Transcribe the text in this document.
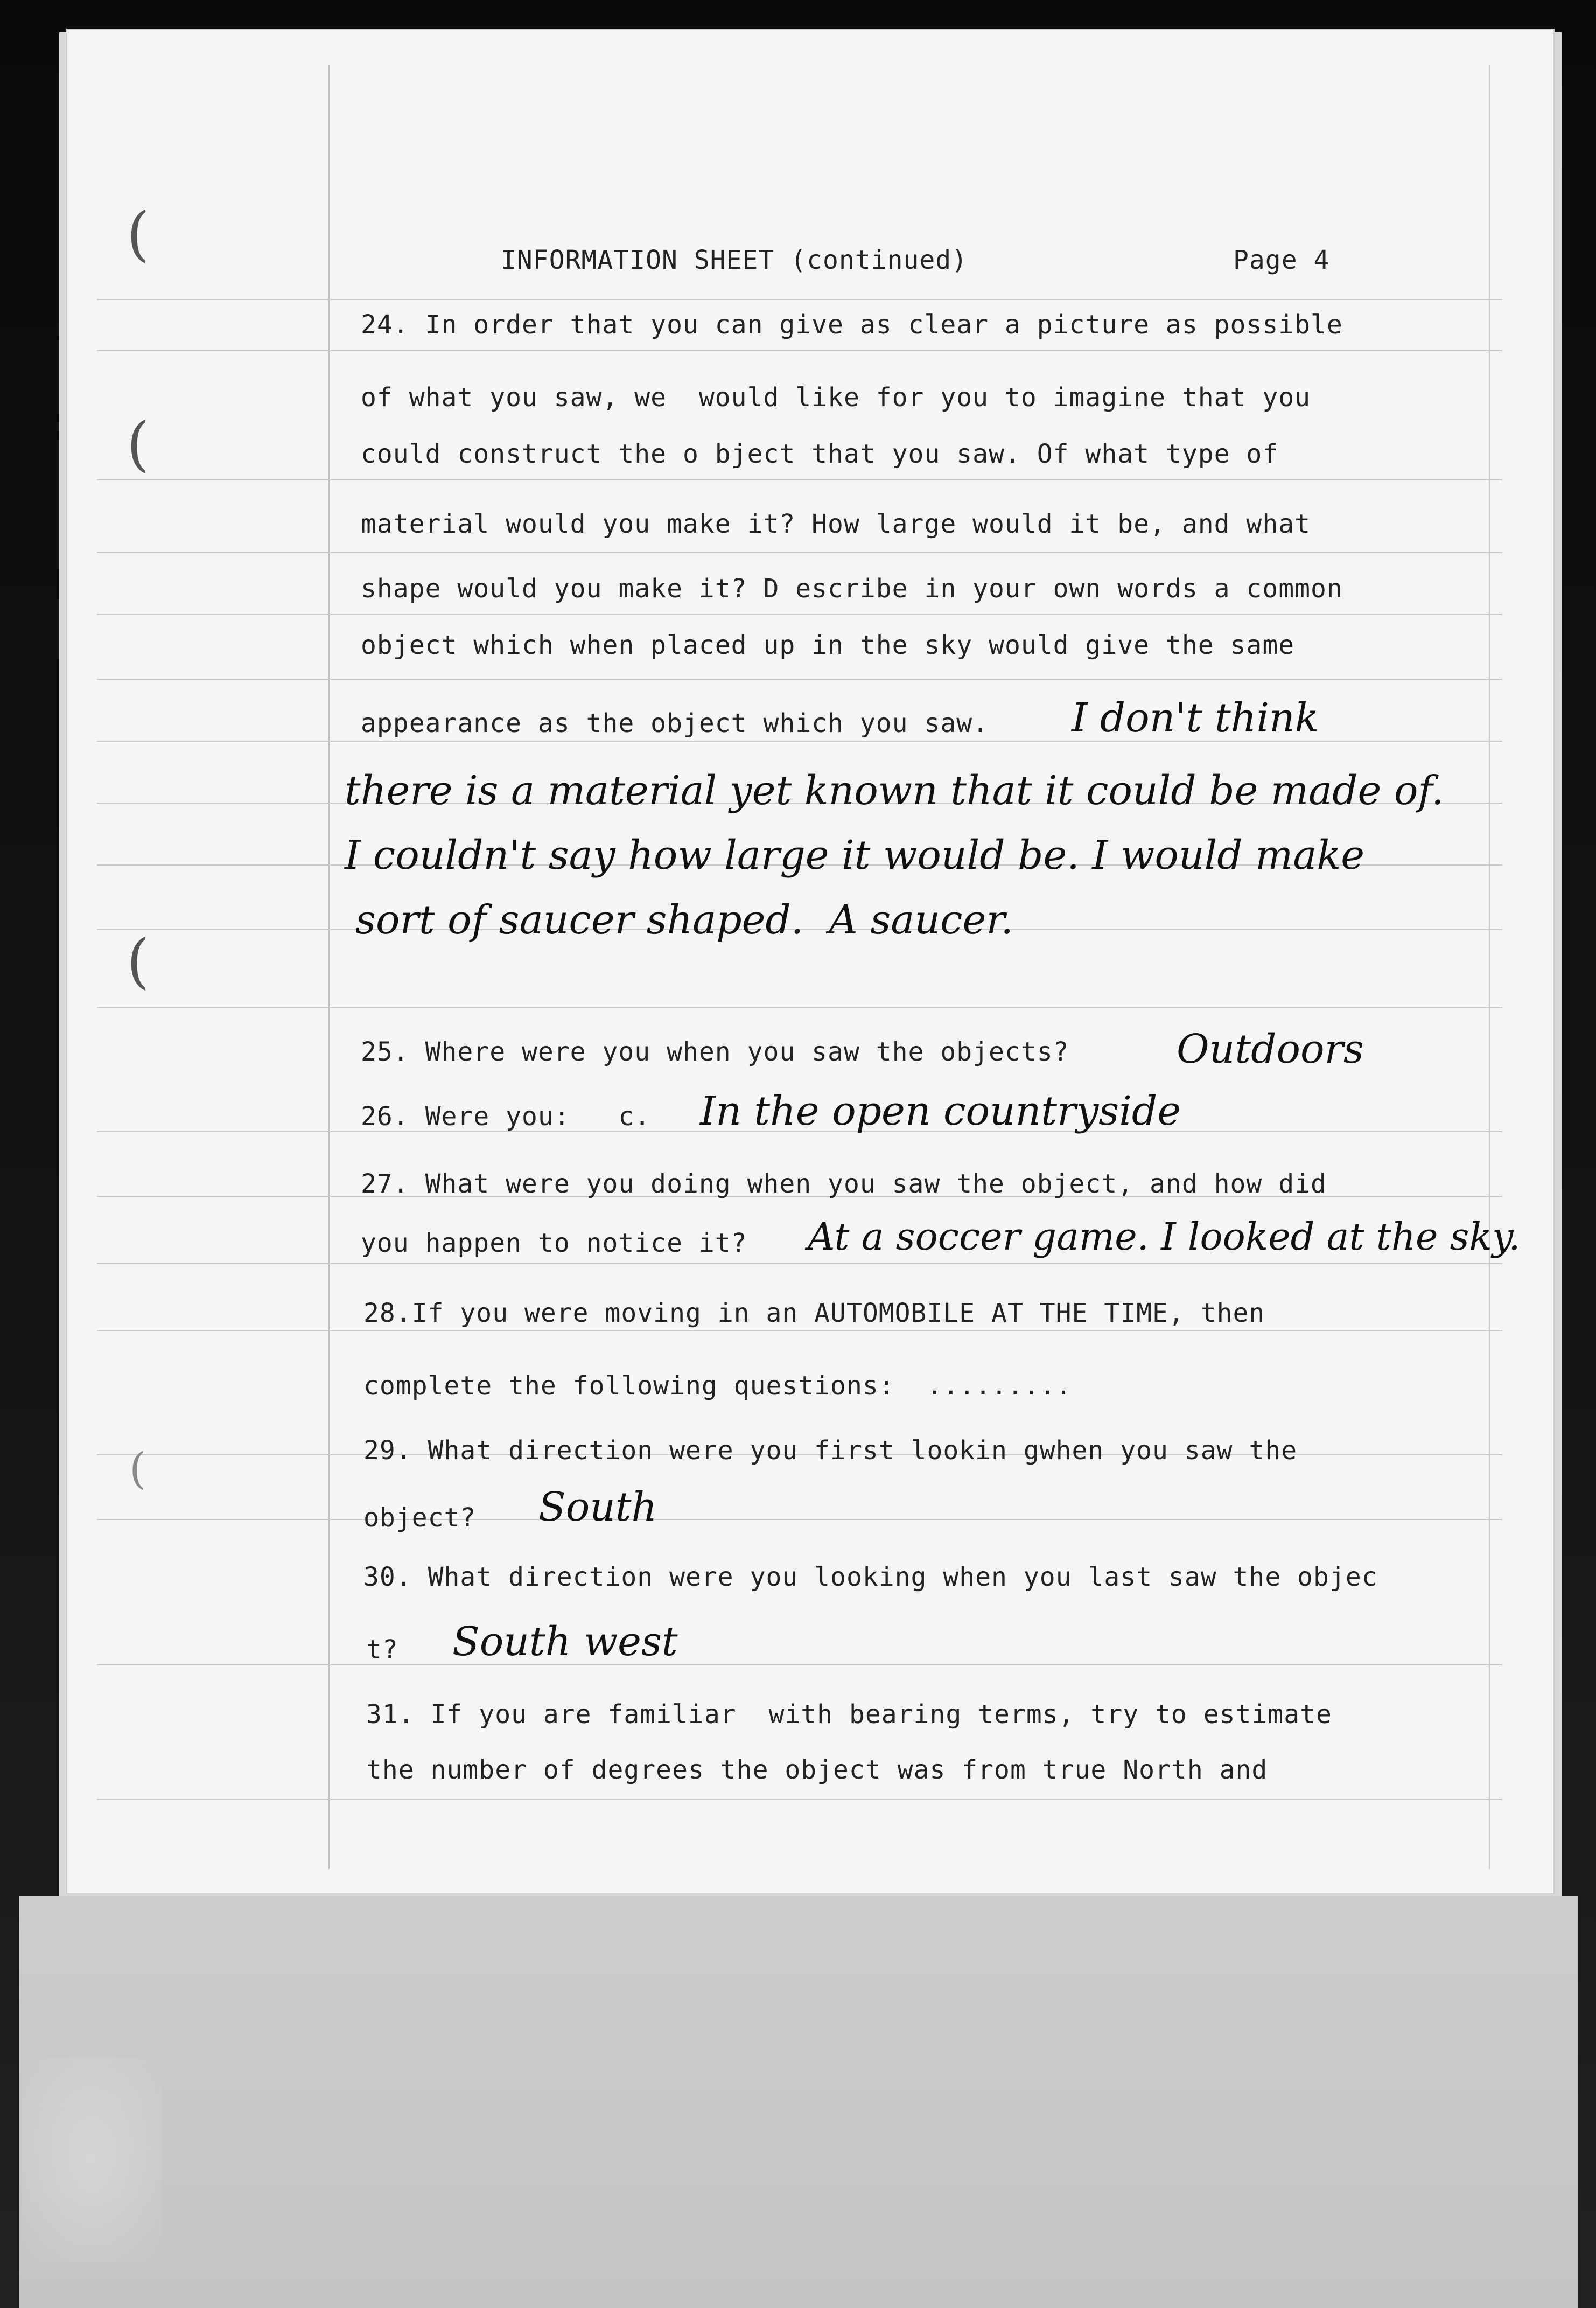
(
(
(
(
INFORMATION SHEET (continued)	Page 4
24. In order that you can give as clear a picture as possible
of what you saw, we  would like for you to imagine that you
could construct the o bject that you saw. Of what type of
material would you make it? How large would it be, and what
shape would you make it? D escribe in your own words a common
object which when placed up in the sky would give the same
appearance as the object which you saw. I don't think
there is a material yet known that it could be made of.
I couldn't say how large it would be. I would make
sort of saucer shaped.  A saucer.
25. Where were you when you saw the objects?	Outdoors
26. Were you:   c. In the open countryside
27. What were you doing when you saw the object, and how did
you happen to notice it? At a soccer game. I looked at the sky.
28.If you were moving in an AUTOMOBILE AT THE TIME, then
complete the following questions:  .........
29. What direction were you first lookin gwhen you saw the
object? South
30. What direction were you looking when you last saw the objec
t? South west
31. If you are familiar  with bearing terms, try to estimate
the number of degrees the object was from true North and
